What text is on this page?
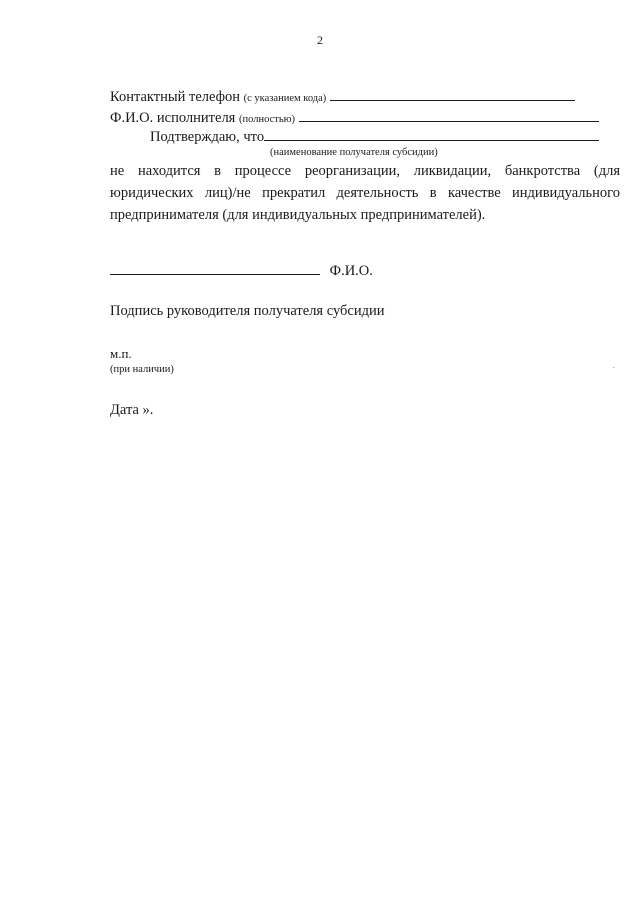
2
Контактный телефон (с указанием кода)
Ф.И.О. исполнителя (полностью)
Подтверждаю, что
(наименование получателя субсидии)
не находится в процессе реорганизации, ликвидации, банкротства (для юридических лиц)/не прекратил деятельность в качестве индивидуального предпринимателя (для индивидуальных предпринимателей).
Ф.И.О.
Подпись руководителя получателя субсидии
м.п.
(при наличии)
Дата ».
